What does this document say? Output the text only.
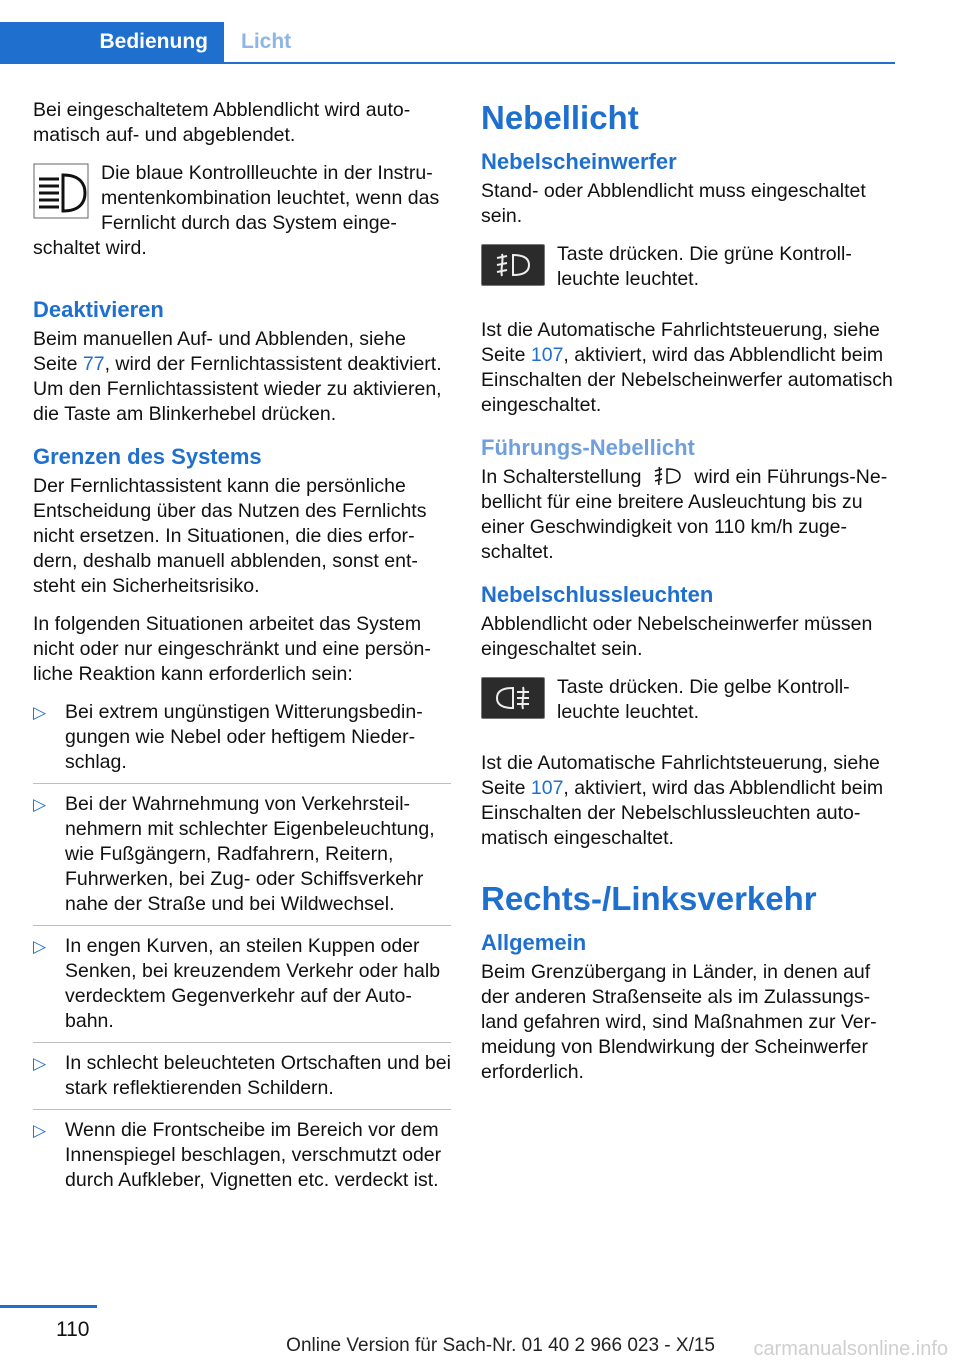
Bedienung	Licht

Bei eingeschaltetem Abblendlicht wird automatisch auf- und abgeblendet.

Die blaue Kontrollleuchte in der Instrumentenkombination leuchtet, wenn das Fernlicht durch das System eingeschaltet wird.

Deaktivieren

Beim manuellen Auf- und Abblenden, siehe Seite 77, wird der Fernlichtassistent deaktiviert. Um den Fernlichtassistent wieder zu aktivieren, die Taste am Blinkerhebel drücken.

Grenzen des Systems

Der Fernlichtassistent kann die persönliche Entscheidung über das Nutzen des Fernlichts nicht ersetzen. In Situationen, die dies erfordern, deshalb manuell abblenden, sonst entsteht ein Sicherheitsrisiko.

In folgenden Situationen arbeitet das System nicht oder nur eingeschränkt und eine persönliche Reaktion kann erforderlich sein:

▷ Bei extrem ungünstigen Witterungsbedingungen wie Nebel oder heftigem Niederschlag.
▷ Bei der Wahrnehmung von Verkehrsteilnehmern mit schlechter Eigenbeleuchtung, wie Fußgängern, Radfahrern, Reitern, Fuhrwerken, bei Zug- oder Schiffsverkehr nahe der Straße und bei Wildwechsel.
▷ In engen Kurven, an steilen Kuppen oder Senken, bei kreuzendem Verkehr oder halb verdecktem Gegenverkehr auf der Autobahn.
▷ In schlecht beleuchteten Ortschaften und bei stark reflektierenden Schildern.
▷ Wenn die Frontscheibe im Bereich vor dem Innenspiegel beschlagen, verschmutzt oder durch Aufkleber, Vignetten etc. verdeckt ist.
Nebellicht
Nebelscheinwerfer

Stand- oder Abblendlicht muss eingeschaltet sein.

Taste drücken. Die grüne Kontrollleuchte leuchtet.

Ist die Automatische Fahrlichtsteuerung, siehe Seite 107, aktiviert, wird das Abblendlicht beim Einschalten der Nebelscheinwerfer automatisch eingeschaltet.

Führungs-Nebellicht

In Schalterstellung  wird ein Führungs-Nebellicht für eine breitere Ausleuchtung bis zu einer Geschwindigkeit von 110 km/h zugeschaltet.

Nebelschlussleuchten

Abblendlicht oder Nebelscheinwerfer müssen eingeschaltet sein.

Taste drücken. Die gelbe Kontrollleuchte leuchtet.

Ist die Automatische Fahrlichtsteuerung, siehe Seite 107, aktiviert, wird das Abblendlicht beim Einschalten der Nebelschlussleuchten automatisch eingeschaltet.

Rechts-/Linksverkehr
Allgemein

Beim Grenzübergang in Länder, in denen auf der anderen Straßenseite als im Zulassungsland gefahren wird, sind Maßnahmen zur Vermeidung von Blendwirkung der Scheinwerfer erforderlich.

110
Online Version für Sach-Nr. 01 40 2 966 023 - X/15 carmanualsonline.info
